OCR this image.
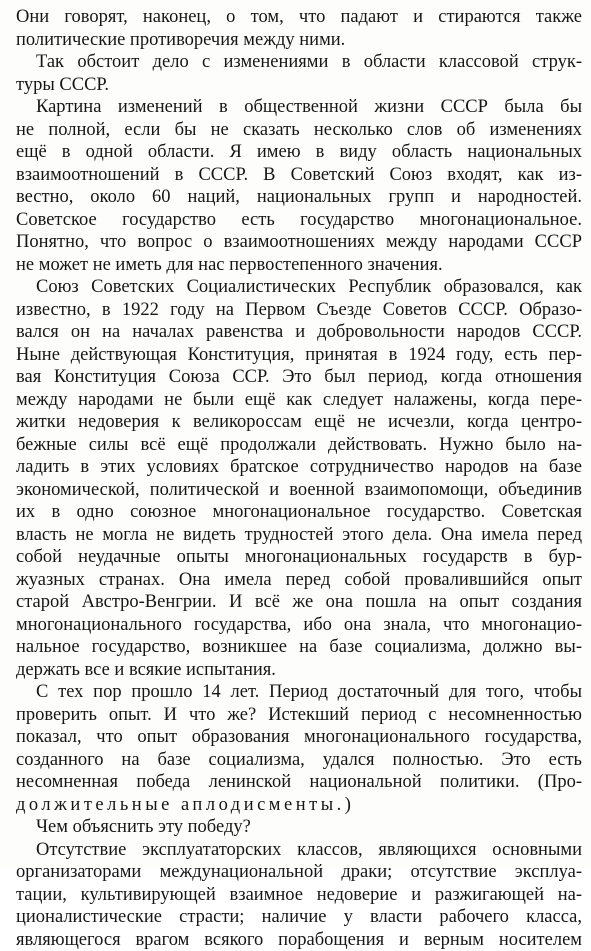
Они говорят, наконец, о том, что падают и стираются также
политические противоречия между ними.
Так обстоит дело с изменениями в области классовой струк-
туры СССР.
Картина изменений в общественной жизни СССР была бы
не полной, если бы не сказать несколько слов об изменениях
ещё в одной области. Я имею в виду область национальных
взаимоотношений в СССР. В Советский Союз входят, как из-
вестно, около 60 наций, национальных групп и народностей.
Советское государство есть государство многонациональное.
Понятно, что вопрос о взаимоотношениях между народами СССР
не может не иметь для нас первостепенного значения.
Союз Советских Социалистических Республик образовался, как
известно, в 1922 году на Первом Съезде Советов СССР. Образо-
вался он на началах равенства и добровольности народов СССР.
Ныне действующая Конституция, принятая в 1924 году, есть пер-
вая Конституция Союза ССР. Это был период, когда отношения
между народами не были ещё как следует налажены, когда пере-
житки недоверия к великороссам ещё не исчезли, когда центро-
бежные силы всё ещё продолжали действовать. Нужно было на-
ладить в этих условиях братское сотрудничество народов на базе
экономической, политической и военной взаимопомощи, объединив
их в одно союзное многонациональное государство. Советская
власть не могла не видеть трудностей этого дела. Она имела перед
собой неудачные опыты многонациональных государств в бур-
жуазных странах. Она имела перед собой провалившийся опыт
старой Австро-Венгрии. И всё же она пошла на опыт создания
многонационального государства, ибо она знала, что многонацио-
нальное государство, возникшее на базе социализма, должно вы-
держать все и всякие испытания.
С тех пор прошло 14 лет. Период достаточный для того, чтобы
проверить опыт. И что же? Истекший период с несомненностью
показал, что опыт образования многонационального государства,
созданного на базе социализма, удался полностью. Это есть
несомненная победа ленинской национальной политики. (Про-
должительные аплодисменты.)
Чем объяснить эту победу?
Отсутствие эксплуататорских классов, являющихся основными
организаторами междунациональной драки; отсутствие эксплуа-
тации, культивирующей взаимное недоверие и разжигающей на-
ционалистические страсти; наличие у власти рабочего класса,
являющегося врагом всякого порабощения и верным носителем
